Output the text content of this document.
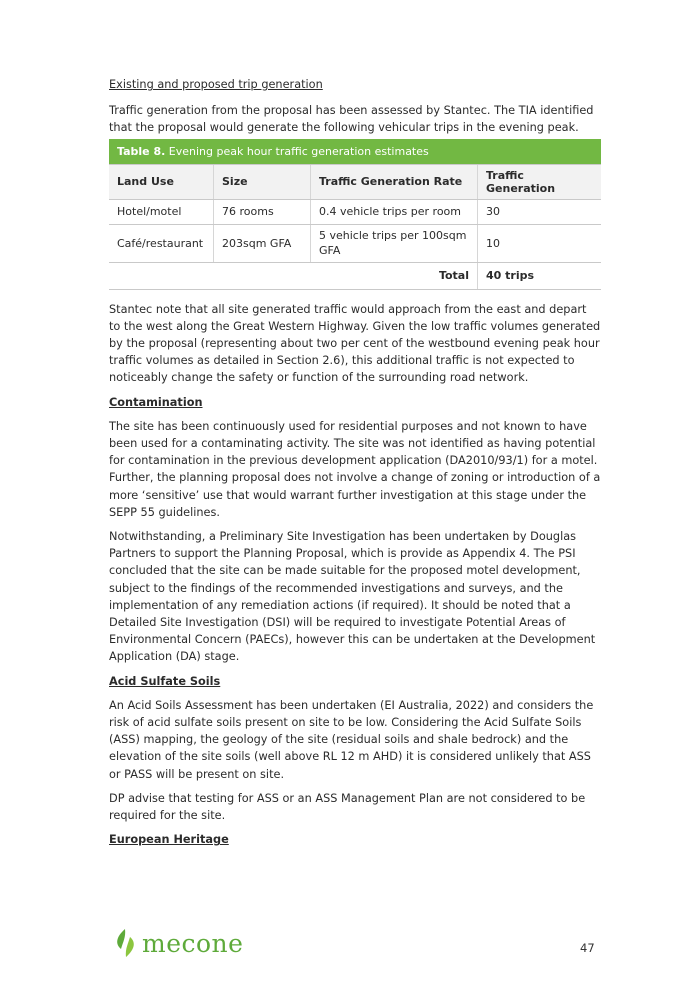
Existing and proposed trip generation

Traffic generation from the proposal has been assessed by Stantec. The TIA identified that the proposal would generate the following vehicular trips in the evening peak.

Table 8. Evening peak hour traffic generation estimates			
Land Use	Size	Traffic Generation Rate	Traffic Generation
Hotel/motel	76 rooms	0.4 vehicle trips per room	30
Café/restaurant	203sqm GFA	5 vehicle trips per 100sqm GFA	10
Total			40 trips

Stantec note that all site generated traffic would approach from the east and depart to the west along the Great Western Highway. Given the low traffic volumes generated by the proposal (representing about two per cent of the westbound evening peak hour traffic volumes as detailed in Section 2.6), this additional traffic is not expected to noticeably change the safety or function of the surrounding road network.

Contamination

The site has been continuously used for residential purposes and not known to have been used for a contaminating activity. The site was not identified as having potential for contamination in the previous development application (DA2010/93/1) for a motel. Further, the planning proposal does not involve a change of zoning or introduction of a more ‘sensitive’ use that would warrant further investigation at this stage under the SEPP 55 guidelines.

Notwithstanding, a Preliminary Site Investigation has been undertaken by Douglas Partners to support the Planning Proposal, which is provide as Appendix 4. The PSI concluded that the site can be made suitable for the proposed motel development, subject to the findings of the recommended investigations and surveys, and the implementation of any remediation actions (if required). It should be noted that a Detailed Site Investigation (DSI) will be required to investigate Potential Areas of Environmental Concern (PAECs), however this can be undertaken at the Development Application (DA) stage.

Acid Sulfate Soils

An Acid Soils Assessment has been undertaken (EI Australia, 2022) and considers the risk of acid sulfate soils present on site to be low. Considering the Acid Sulfate Soils (ASS) mapping, the geology of the site (residual soils and shale bedrock) and the elevation of the site soils (well above RL 12 m AHD) it is considered unlikely that ASS or PASS will be present on site.

DP advise that testing for ASS or an ASS Management Plan are not considered to be required for the site.

European Heritage

mecone	47
